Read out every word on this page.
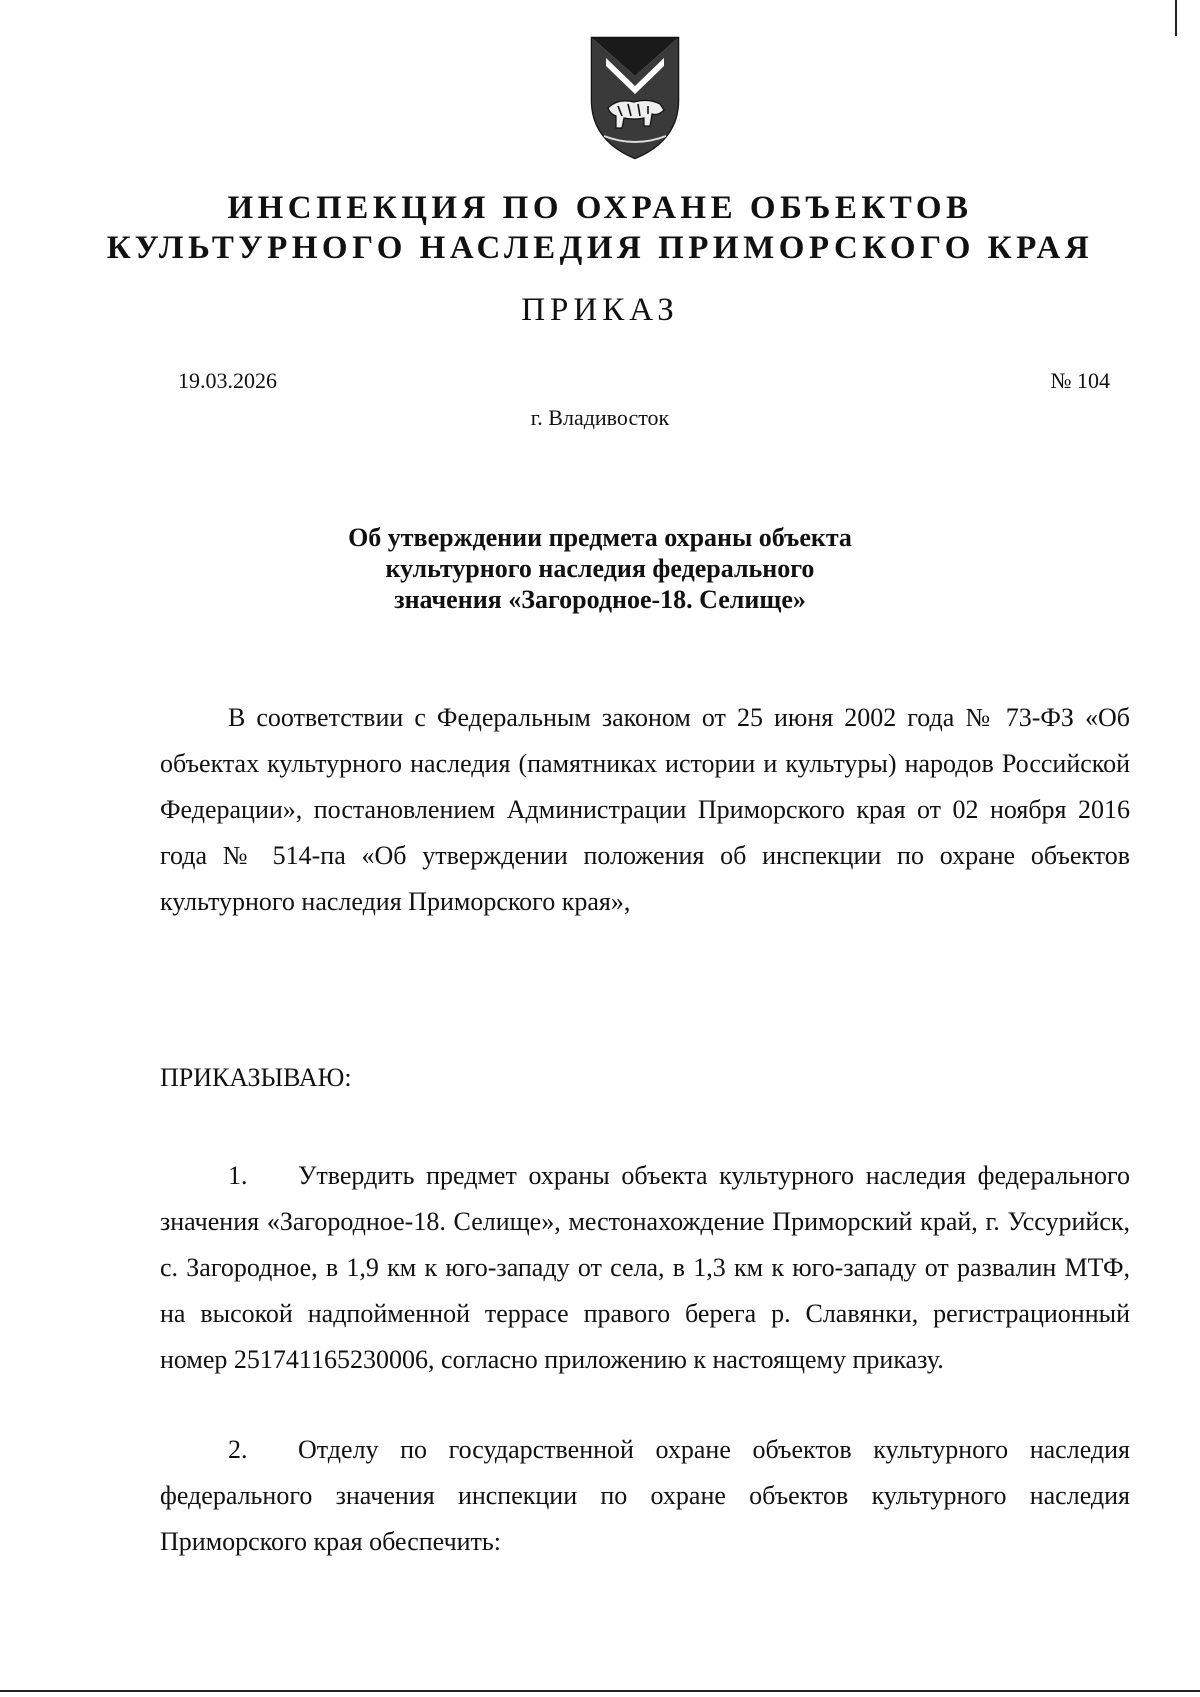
ИНСПЕКЦИЯ ПО ОХРАНЕ ОБЪЕКТОВ

КУЛЬТУРНОГО НАСЛЕДИЯ ПРИМОРСКОГО КРАЯ

ПРИКАЗ

19.03.2026	№ 104

г. Владивосток

Об утверждении предмета охраны объекта
культурного наследия федерального
значения «Загородное-18. Селище»

В соответствии с Федеральным законом от 25 июня 2002 года № 73-ФЗ «Об объектах культурного наследия (памятниках истории и культуры) народов Российской Федерации», постановлением Администрации Приморского края от 02 ноября 2016 года № 514-па «Об утверждении положения об инспекции по охране объектов культурного наследия Приморского края»,

ПРИКАЗЫВАЮ:

1. Утвердить предмет охраны объекта культурного наследия федерального значения «Загородное-18. Селище», местонахождение Приморский край, г. Уссурийск, с. Загородное, в 1,9 км к юго-западу от села, в 1,3 км к юго-западу от развалин МТФ, на высокой надпойменной террасе правого берега р. Славянки, регистрационный номер 251741165230006, согласно приложению к настоящему приказу.

2. Отделу по государственной охране объектов культурного наследия федерального значения инспекции по охране объектов культурного наследия Приморского края обеспечить:
